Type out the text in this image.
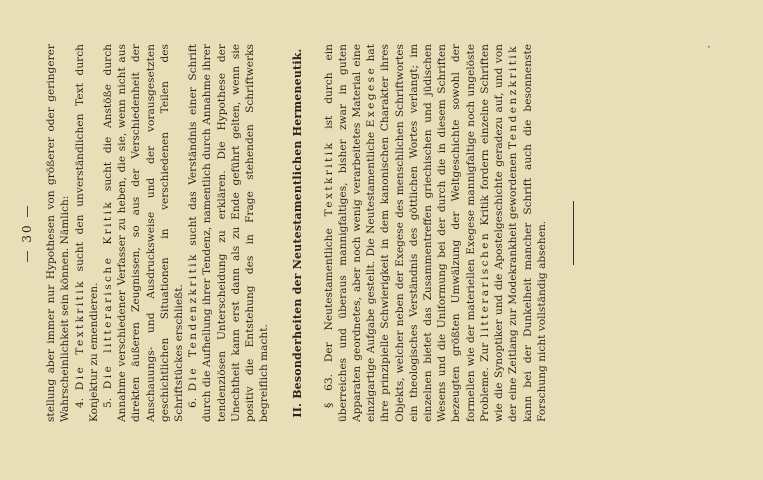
— 30 — stellung aber immer nur Hypothesen von größerer oder geringerer Wahrscheinlichkeit sein können. Nämlich: 4. Die Textkritik sucht den unverständlichen Text durch Konjektur zu emendieren. 5. Die litterarische Kritik sucht die Anstöße durch Annahme verschiedener Verfasser zu heben, die sie, wenn nicht aus direkten äußeren Zeugnissen, so aus der Verschiedenheit der Anschauungs- und Ausdrucksweise und der vorausgesetzten geschichtlichen Situationen in verschiedenen Teilen des Schriftstückes erschließt. 6. Die Tendenzkritik sucht das Verständnis einer Schrift durch die Aufhellung ihrer Tendenz, namentlich durch Annahme ihrer tendenziösen Unterscheidung zu erklären. Die Hypothese der Unechtheit kann erst dann als zu Ende geführt gelten, wenn sie positiv die Entstehung des in Frage stehenden Schriftwerks begreiflich macht. II. Besonderheiten der Neutestamentlichen Hermeneutik. § 63. Der Neutestamentliche Textkritik ist durch ein überreiches und überaus mannigfaltiges, bisher zwar in guten Apparaten geordnetes, aber noch wenig verarbeitetes Material eine einzigartige Aufgabe gestellt. Die Neutestamentliche Exegese hat ihre prinzipielle Schwierigkeit in dem kanonischen Charakter ihres Objekts, welcher neben der Exegese des menschlichen Schriftwortes ein theologisches Verständnis des göttlichen Wortes verlangt; im einzelnen bietet das Zusammentreffen griechischen und jüdischen Wesens und die Uniformung bei der durch die in diesem Schriften bezeugten größten Umwälzung der Weltgeschichte sowohl der formellen wie der materiellen Exegese mannigfaltige noch ungelöste Probleme. Zur litterarischen Kritik fordern einzelne Schriften wie die Synoptiker und die Apostelgeschichte geradezu auf, und von der eine Zeitlang zur Modekrankheit gewordenen Tendenzkritik kann bei der Dunkelheit mancher Schrift auch die besonnenste Forschung nicht vollständig absehen.

′
